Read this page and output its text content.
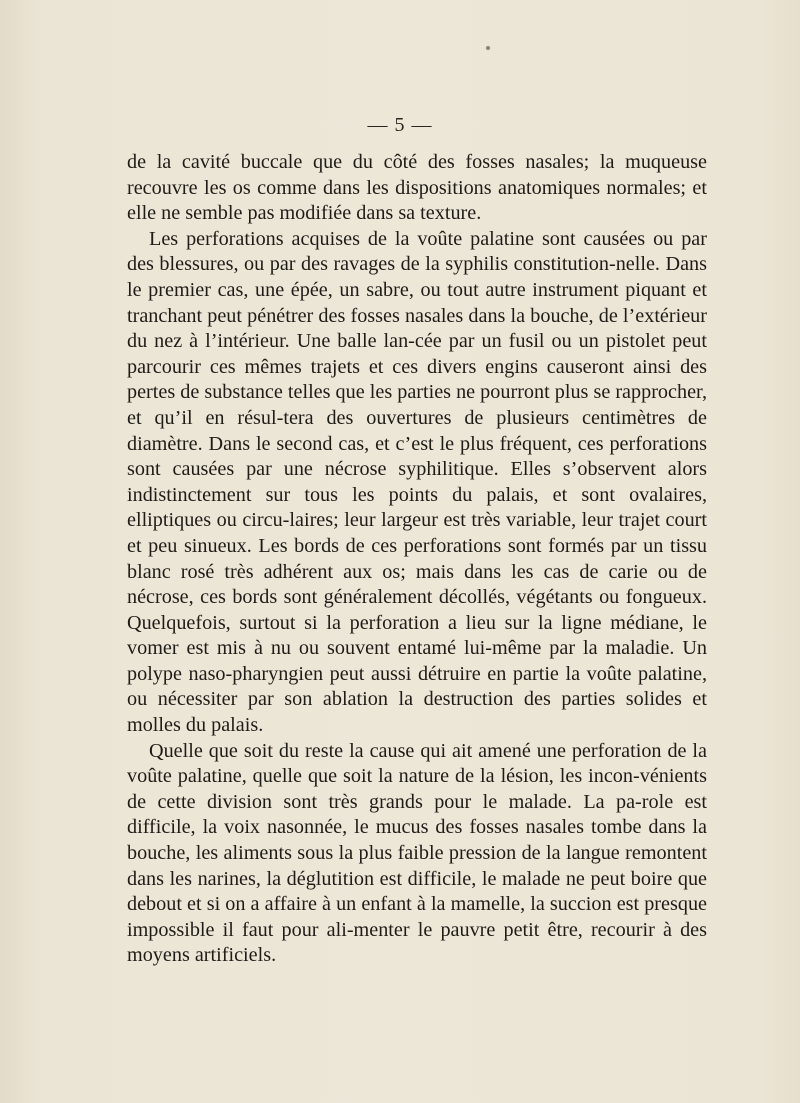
— 5 —

de la cavité buccale que du côté des fosses nasales; la muqueuse recouvre les os comme dans les dispositions anatomiques normales; et elle ne semble pas modifiée dans sa texture.

Les perforations acquises de la voûte palatine sont causées ou par des blessures, ou par des ravages de la syphilis constitution-nelle. Dans le premier cas, une épée, un sabre, ou tout autre instrument piquant et tranchant peut pénétrer des fosses nasales dans la bouche, de l’extérieur du nez à l’intérieur. Une balle lan-cée par un fusil ou un pistolet peut parcourir ces mêmes trajets et ces divers engins causeront ainsi des pertes de substance telles que les parties ne pourront plus se rapprocher, et qu’il en résul-tera des ouvertures de plusieurs centimètres de diamètre. Dans le second cas, et c’est le plus fréquent, ces perforations sont causées par une nécrose syphilitique. Elles s’observent alors indistinctement sur tous les points du palais, et sont ovalaires, elliptiques ou circu-laires; leur largeur est très variable, leur trajet court et peu sinueux. Les bords de ces perforations sont formés par un tissu blanc rosé très adhérent aux os; mais dans les cas de carie ou de nécrose, ces bords sont généralement décollés, végétants ou fongueux. Quelquefois, surtout si la perforation a lieu sur la ligne médiane, le vomer est mis à nu ou souvent entamé lui-même par la maladie. Un polype naso-pharyngien peut aussi détruire en partie la voûte palatine, ou nécessiter par son ablation la destruction des parties solides et molles du palais.

Quelle que soit du reste la cause qui ait amené une perforation de la voûte palatine, quelle que soit la nature de la lésion, les incon-vénients de cette division sont très grands pour le malade. La pa-role est difficile, la voix nasonnée, le mucus des fosses nasales tombe dans la bouche, les aliments sous la plus faible pression de la langue remontent dans les narines, la déglutition est difficile, le malade ne peut boire que debout et si on a affaire à un enfant à la mamelle, la succion est presque impossible il faut pour ali-menter le pauvre petit être, recourir à des moyens artificiels.
